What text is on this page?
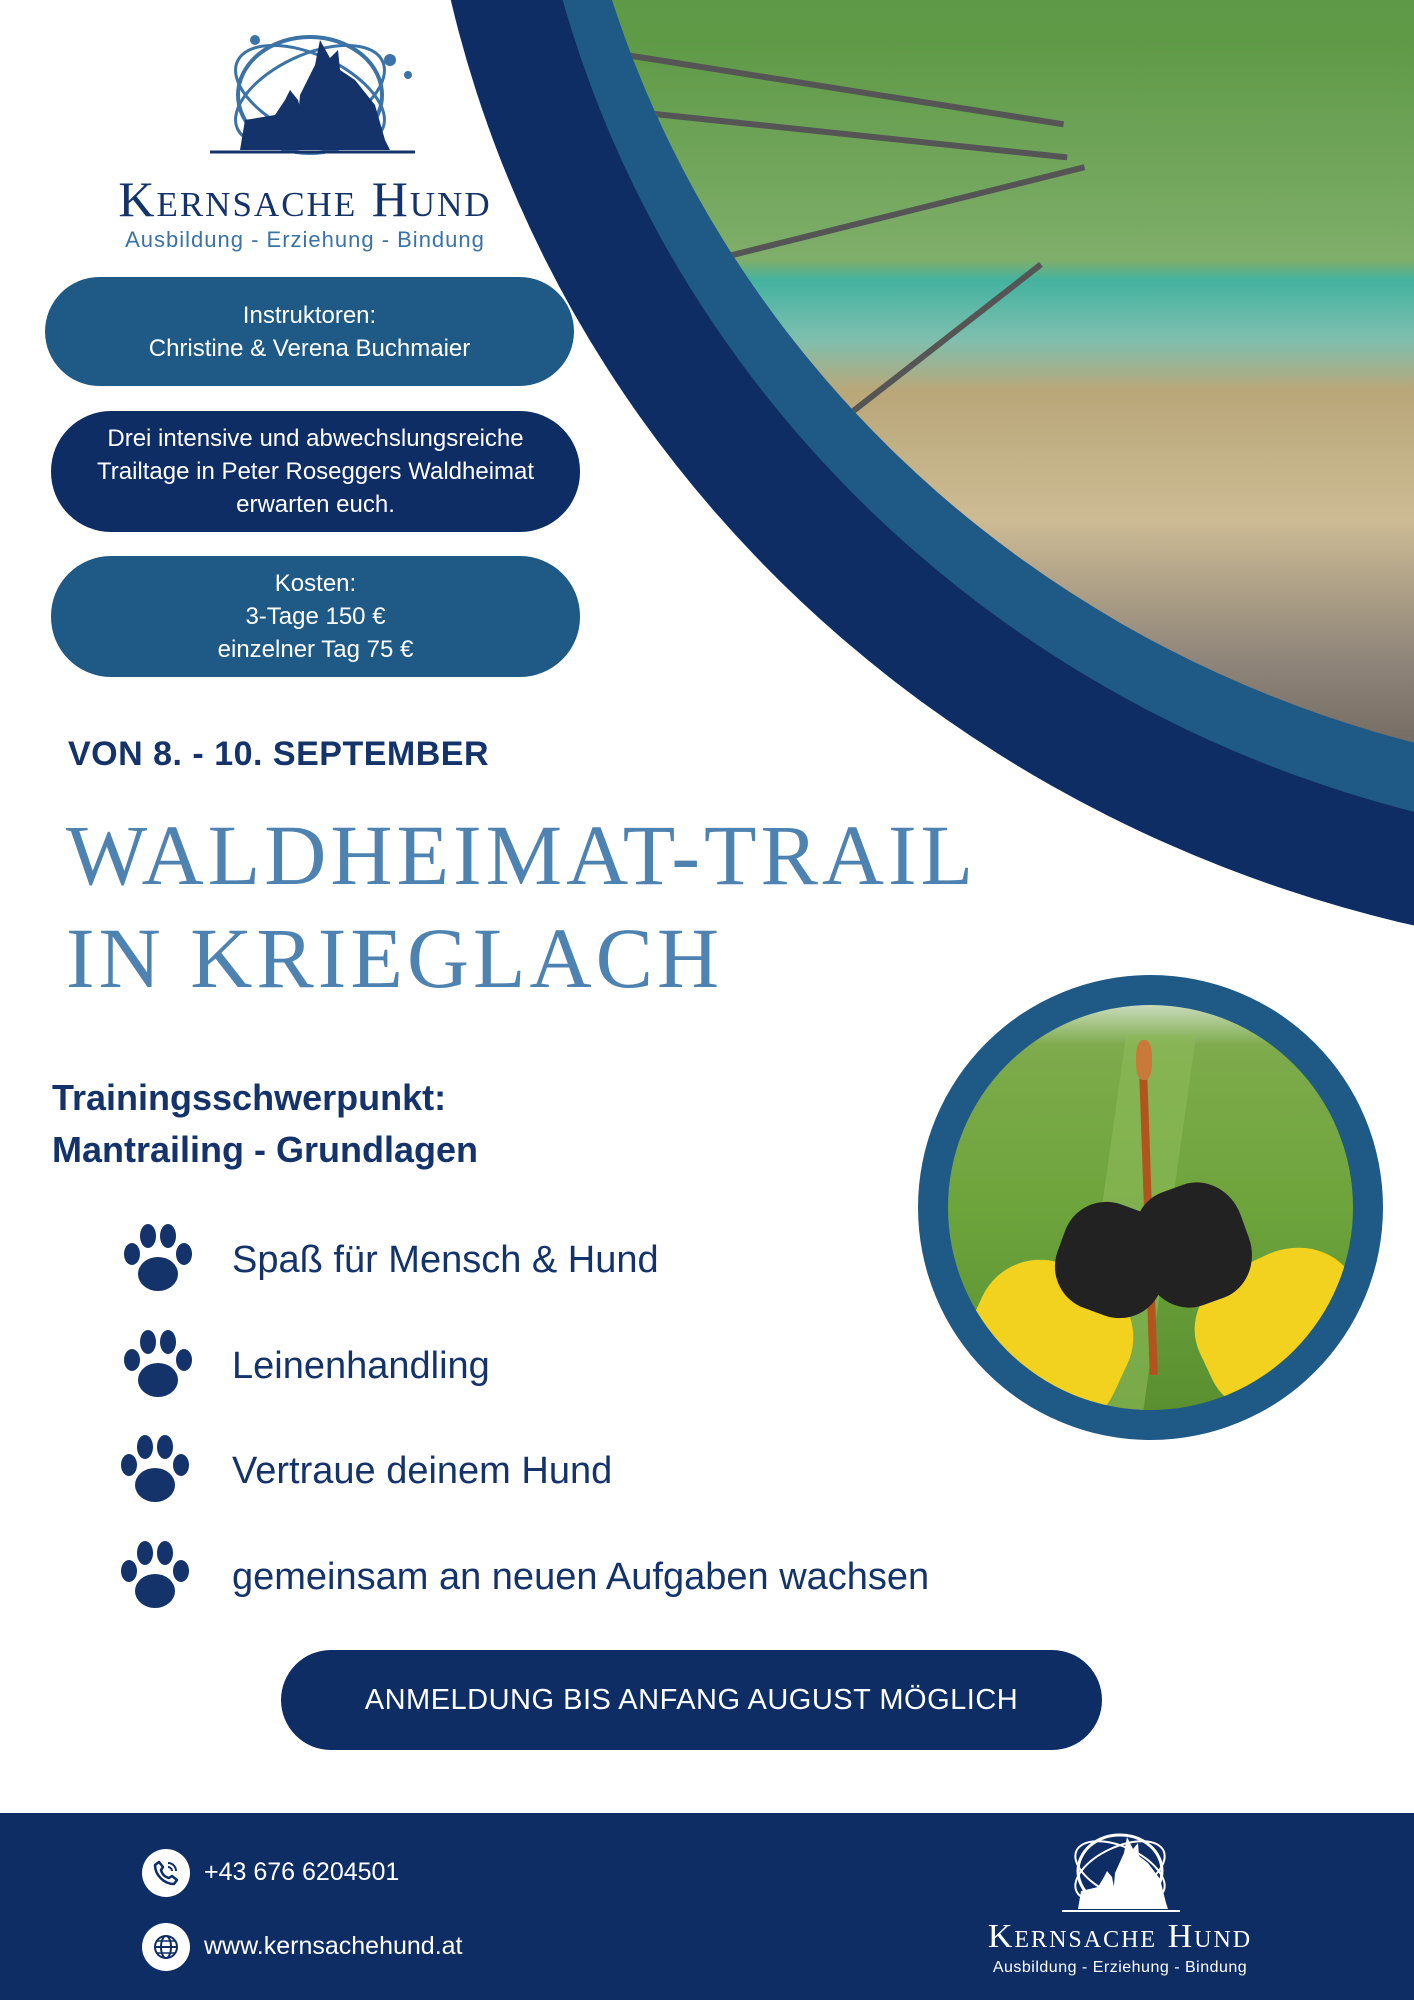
Kernsache Hund
Ausbildung - Erziehung - Bindung
Instruktoren:
Christine & Verena Buchmaier
Drei intensive und abwechslungsreiche
Trailtage in Peter Roseggers Waldheimat
erwarten euch.
Kosten:
3-Tage 150 €
einzelner Tag 75 €
VON 8. - 10. SEPTEMBER
WALDHEIMAT-TRAIL
IN KRIEGLACH
Trainingsschwerpunkt:
Mantrailing - Grundlagen
Spaß für Mensch & Hund
Leinenhandling
Vertraue deinem Hund
gemeinsam an neuen Aufgaben wachsen
ANMELDUNG BIS ANFANG AUGUST MÖGLICH
+43 676 6204501
www.kernsachehund.at	Kernsache Hund
Ausbildung - Erziehung - Bindung
